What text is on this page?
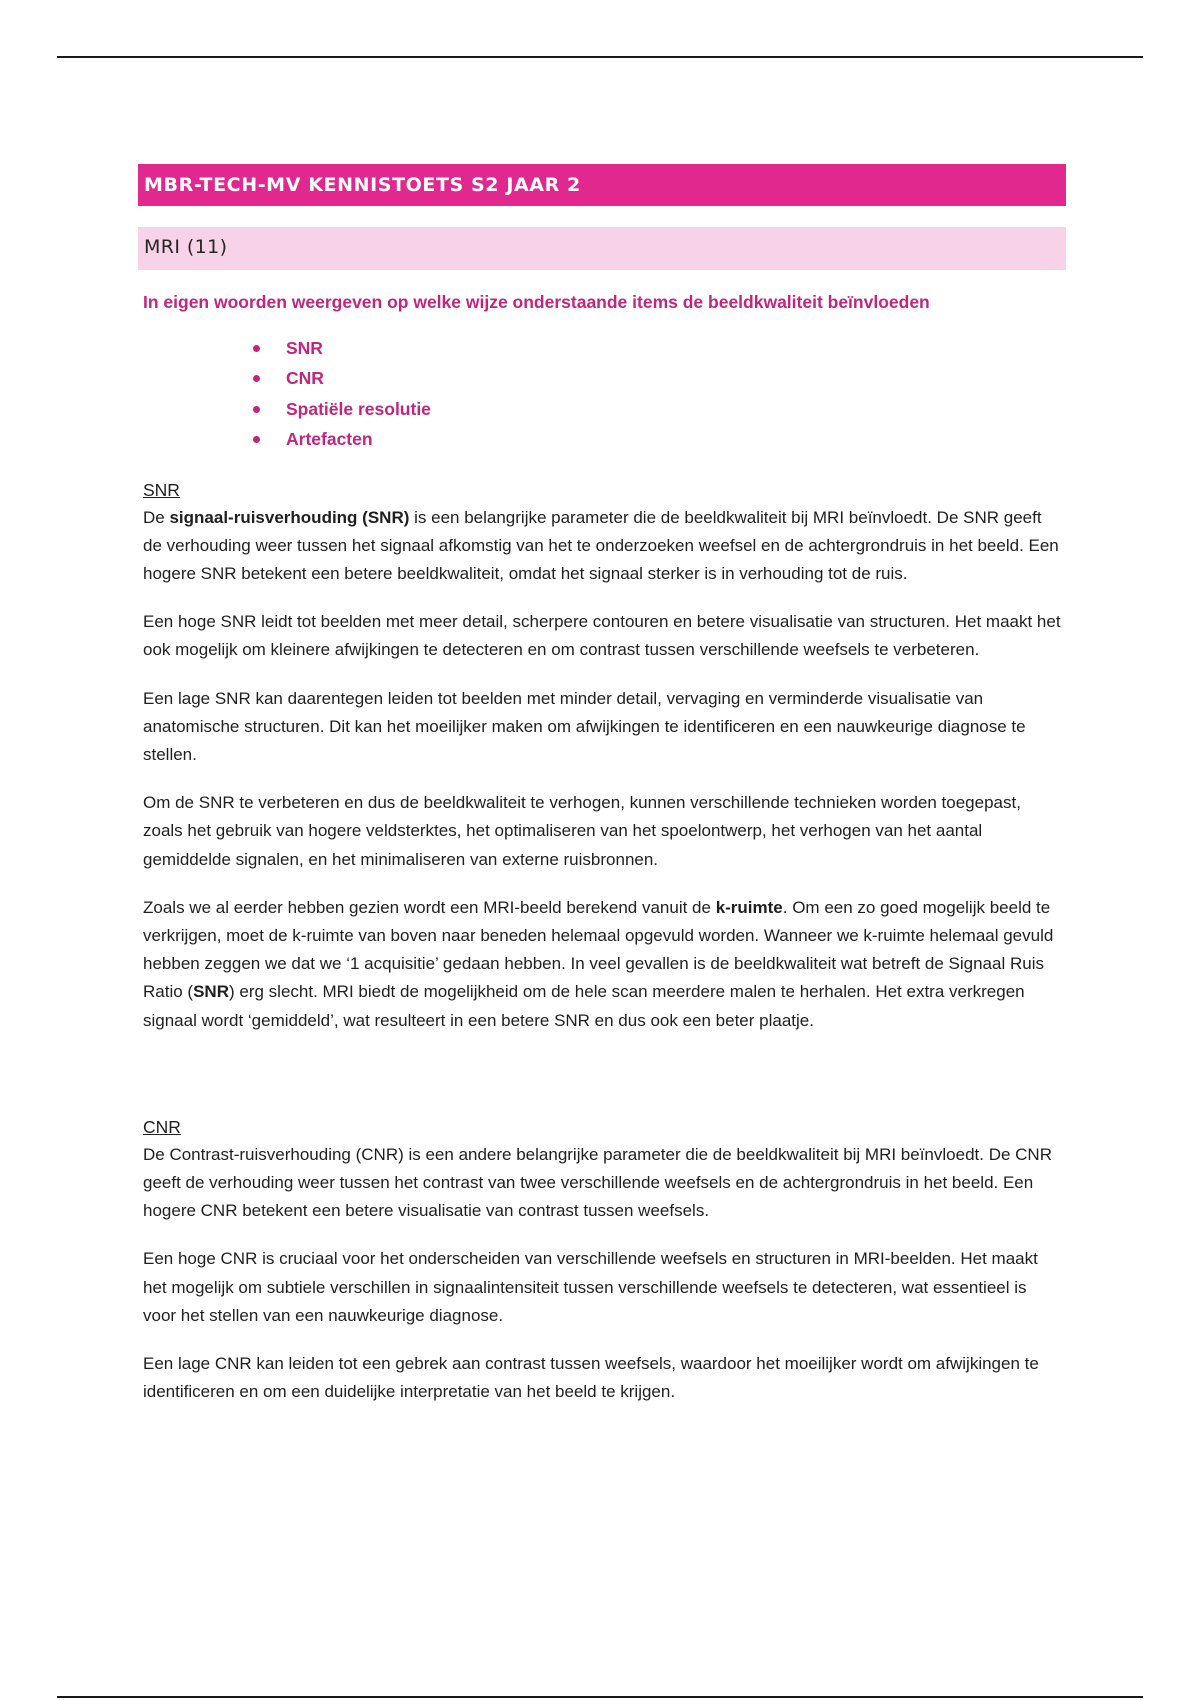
MBR-TECH-MV KENNISTOETS S2 JAAR 2
MRI (11)
In eigen woorden weergeven op welke wijze onderstaande items de beeldkwaliteit beïnvloeden
SNR
CNR
Spatiële resolutie
Artefacten
SNR

De signaal-ruisverhouding (SNR) is een belangrijke parameter die de beeldkwaliteit bij MRI beïnvloedt. De SNR geeft de verhouding weer tussen het signaal afkomstig van het te onderzoeken weefsel en de achtergrondruis in het beeld. Een hogere SNR betekent een betere beeldkwaliteit, omdat het signaal sterker is in verhouding tot de ruis.

Een hoge SNR leidt tot beelden met meer detail, scherpere contouren en betere visualisatie van structuren. Het maakt het ook mogelijk om kleinere afwijkingen te detecteren en om contrast tussen verschillende weefsels te verbeteren.

Een lage SNR kan daarentegen leiden tot beelden met minder detail, vervaging en verminderde visualisatie van anatomische structuren. Dit kan het moeilijker maken om afwijkingen te identificeren en een nauwkeurige diagnose te stellen.

Om de SNR te verbeteren en dus de beeldkwaliteit te verhogen, kunnen verschillende technieken worden toegepast, zoals het gebruik van hogere veldsterktes, het optimaliseren van het spoelontwerp, het verhogen van het aantal gemiddelde signalen, en het minimaliseren van externe ruisbronnen.

Zoals we al eerder hebben gezien wordt een MRI-beeld berekend vanuit de k-ruimte. Om een zo goed mogelijk beeld te verkrijgen, moet de k-ruimte van boven naar beneden helemaal opgevuld worden. Wanneer we k-ruimte helemaal gevuld hebben zeggen we dat we ‘1 acquisitie’ gedaan hebben. In veel gevallen is de beeldkwaliteit wat betreft de Signaal Ruis Ratio (SNR) erg slecht. MRI biedt de mogelijkheid om de hele scan meerdere malen te herhalen. Het extra verkregen signaal wordt ‘gemiddeld’, wat resulteert in een betere SNR en dus ook een beter plaatje.

CNR

De Contrast-ruisverhouding (CNR) is een andere belangrijke parameter die de beeldkwaliteit bij MRI beïnvloedt. De CNR geeft de verhouding weer tussen het contrast van twee verschillende weefsels en de achtergrondruis in het beeld. Een hogere CNR betekent een betere visualisatie van contrast tussen weefsels.

Een hoge CNR is cruciaal voor het onderscheiden van verschillende weefsels en structuren in MRI-beelden. Het maakt het mogelijk om subtiele verschillen in signaalintensiteit tussen verschillende weefsels te detecteren, wat essentieel is voor het stellen van een nauwkeurige diagnose.

Een lage CNR kan leiden tot een gebrek aan contrast tussen weefsels, waardoor het moeilijker wordt om afwijkingen te identificeren en om een duidelijke interpretatie van het beeld te krijgen.
